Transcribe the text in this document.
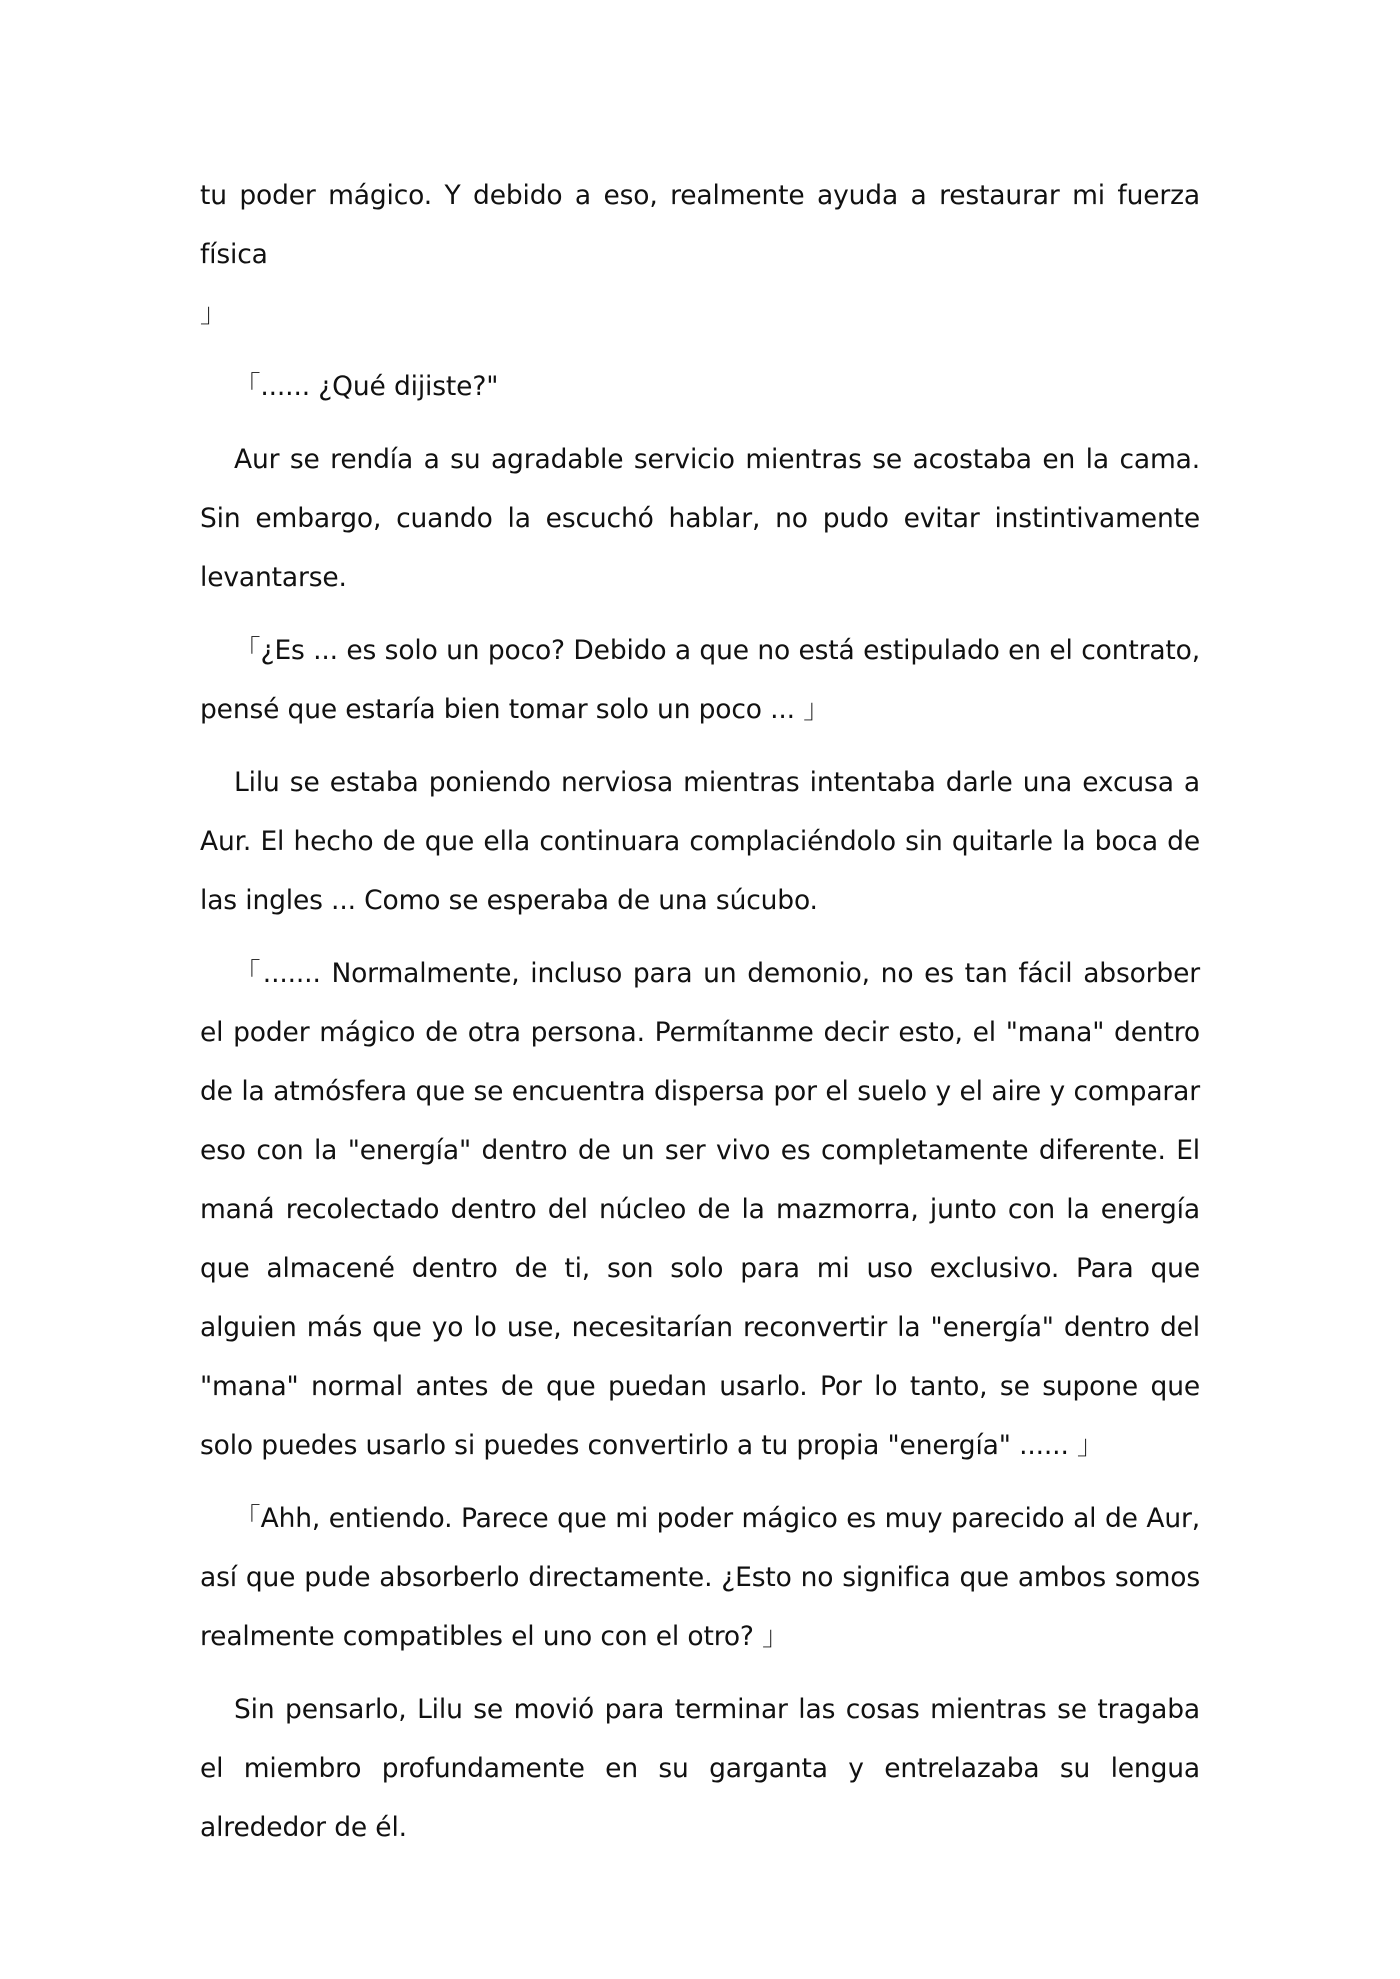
tu poder mágico. Y debido a eso, realmente ayuda a restaurar mi fuerza física

」

「...... ¿Qué dijiste?"

Aur se rendía a su agradable servicio mientras se acostaba en la cama. Sin embargo, cuando la escuchó hablar, no pudo evitar instintivamente levantarse.

「¿Es ... es solo un poco? Debido a que no está estipulado en el contrato, pensé que estaría bien tomar solo un poco ... 」

Lilu se estaba poniendo nerviosa mientras intentaba darle una excusa a Aur. El hecho de que ella continuara complaciéndolo sin quitarle la boca de las ingles ... Como se esperaba de una súcubo.

「....... Normalmente, incluso para un demonio, no es tan fácil absorber el poder mágico de otra persona. Permítanme decir esto, el "mana" dentro de la atmósfera que se encuentra dispersa por el suelo y el aire y comparar eso con la "energía" dentro de un ser vivo es completamente diferente. El maná recolectado dentro del núcleo de la mazmorra, junto con la energía que almacené dentro de ti, son solo para mi uso exclusivo. Para que alguien más que yo lo use, necesitarían reconvertir la "energía" dentro del "mana" normal antes de que puedan usarlo. Por lo tanto, se supone que solo puedes usarlo si puedes convertirlo a tu propia "energía" ...... 」

「Ahh, entiendo. Parece que mi poder mágico es muy parecido al de Aur, así que pude absorberlo directamente. ¿Esto no significa que ambos somos realmente compatibles el uno con el otro? 」

Sin pensarlo, Lilu se movió para terminar las cosas mientras se tragaba el miembro profundamente en su garganta y entrelazaba su lengua alrededor de él.
